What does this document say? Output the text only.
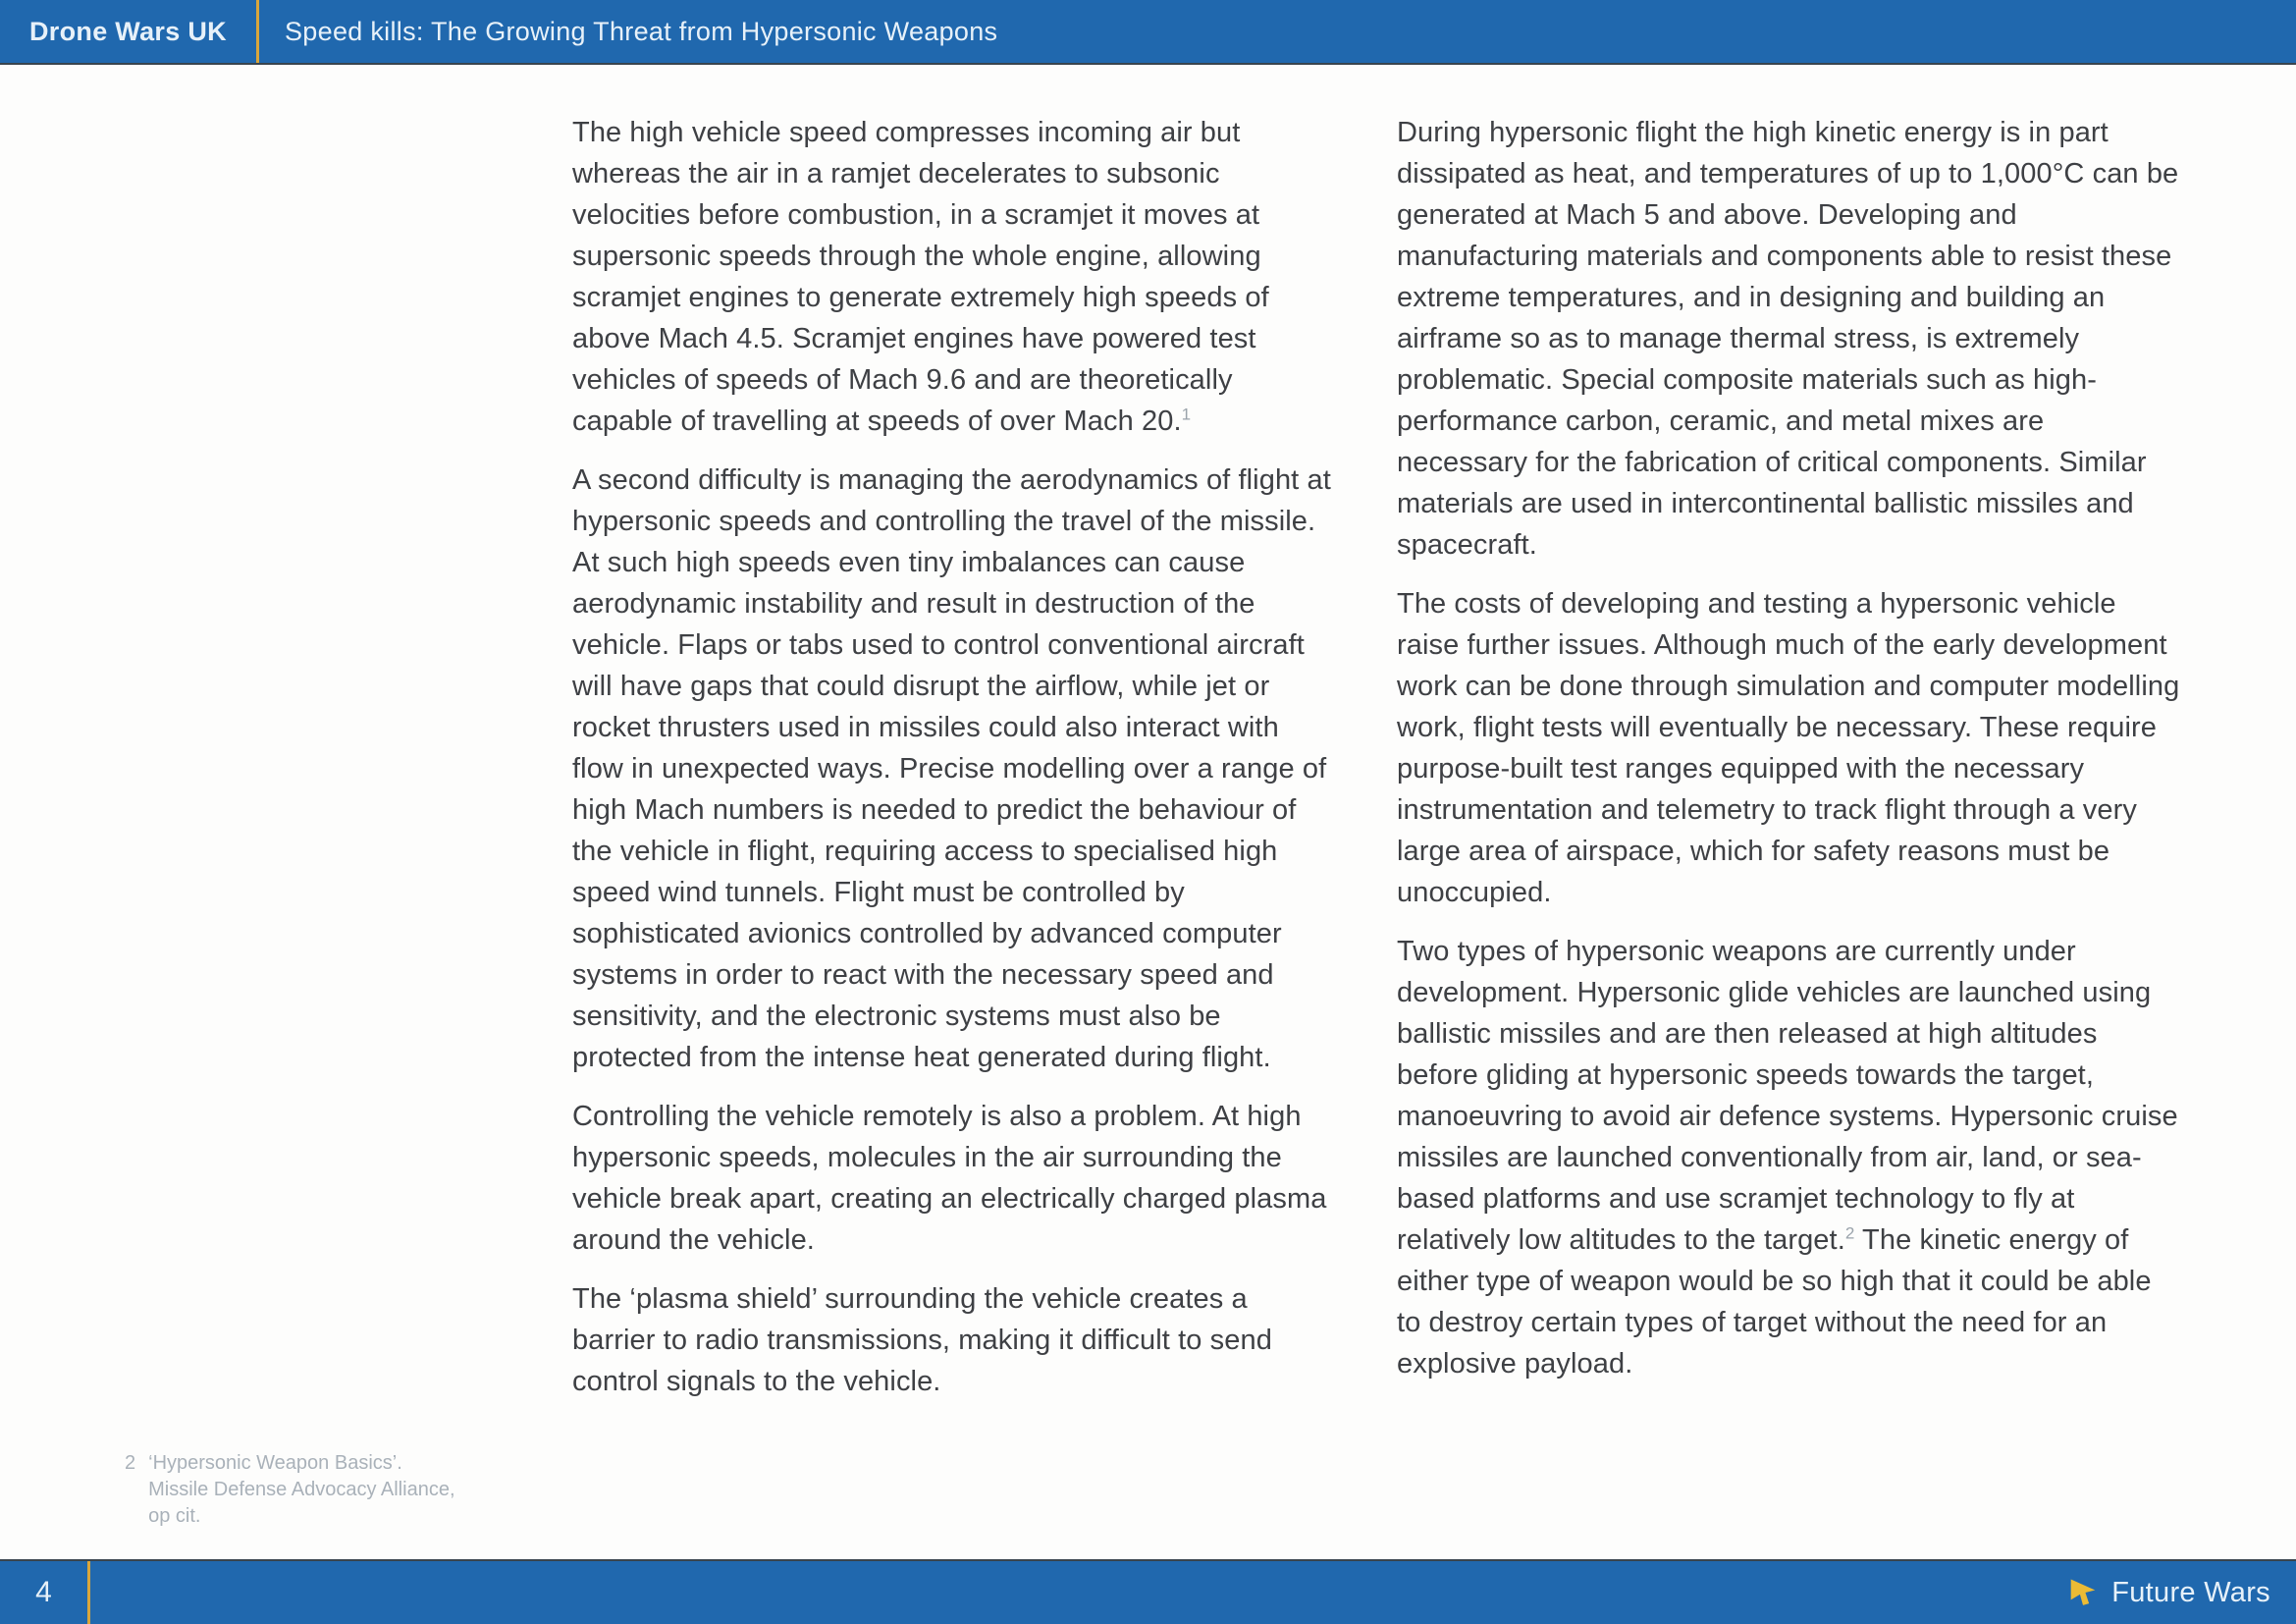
Drone Wars UK	Speed kills: The Growing Threat from Hypersonic Weapons

The high vehicle speed compresses incoming air but whereas the air in a ramjet decelerates to subsonic velocities before combustion, in a scramjet it moves at supersonic speeds through the whole engine, allowing scramjet engines to generate extremely high speeds of above Mach 4.5. Scramjet engines have powered test vehicles of speeds of Mach 9.6 and are theoretically capable of travelling at speeds of over Mach 20.$^1$

A second difficulty is managing the aerodynamics of flight at hypersonic speeds and controlling the travel of the missile. At such high speeds even tiny imbalances can cause aerodynamic instability and result in destruction of the vehicle. Flaps or tabs used to control conventional aircraft will have gaps that could disrupt the airflow, while jet or rocket thrusters used in missiles could also interact with flow in unexpected ways. Precise modelling over a range of high Mach numbers is needed to predict the behaviour of the vehicle in flight, requiring access to specialised high speed wind tunnels. Flight must be controlled by sophisticated avionics controlled by advanced computer systems in order to react with the necessary speed and sensitivity, and the electronic systems must also be protected from the intense heat generated during flight.

Controlling the vehicle remotely is also a problem. At high hypersonic speeds, molecules in the air surrounding the vehicle break apart, creating an electrically charged plasma around the vehicle.

The ‘plasma shield’ surrounding the vehicle creates a barrier to radio transmissions, making it difficult to send control signals to the vehicle.

During hypersonic flight the high kinetic energy is in part dissipated as heat, and temperatures of up to 1,000°C can be generated at Mach 5 and above. Developing and manufacturing materials and components able to resist these extreme temperatures, and in designing and building an airframe so as to manage thermal stress, is extremely problematic. Special composite materials such as high-performance carbon, ceramic, and metal mixes are necessary for the fabrication of critical components. Similar materials are used in intercontinental ballistic missiles and spacecraft.

The costs of developing and testing a hypersonic vehicle raise further issues. Although much of the early development work can be done through simulation and computer modelling work, flight tests will eventually be necessary. These require purpose-built test ranges equipped with the necessary instrumentation and telemetry to track flight through a very large area of airspace, which for safety reasons must be unoccupied.

Two types of hypersonic weapons are currently under development. Hypersonic glide vehicles are launched using ballistic missiles and are then released at high altitudes before gliding at hypersonic speeds towards the target, manoeuvring to avoid air defence systems. Hypersonic cruise missiles are launched conventionally from air, land, or sea-based platforms and use scramjet technology to fly at relatively low altitudes to the target.$^2$ The kinetic energy of either type of weapon would be so high that it could be able to destroy certain types of target without the need for an explosive payload.

2 ‘Hypersonic Weapon Basics’. Missile Defense Advocacy Alliance, op cit.
4	Future Wars
